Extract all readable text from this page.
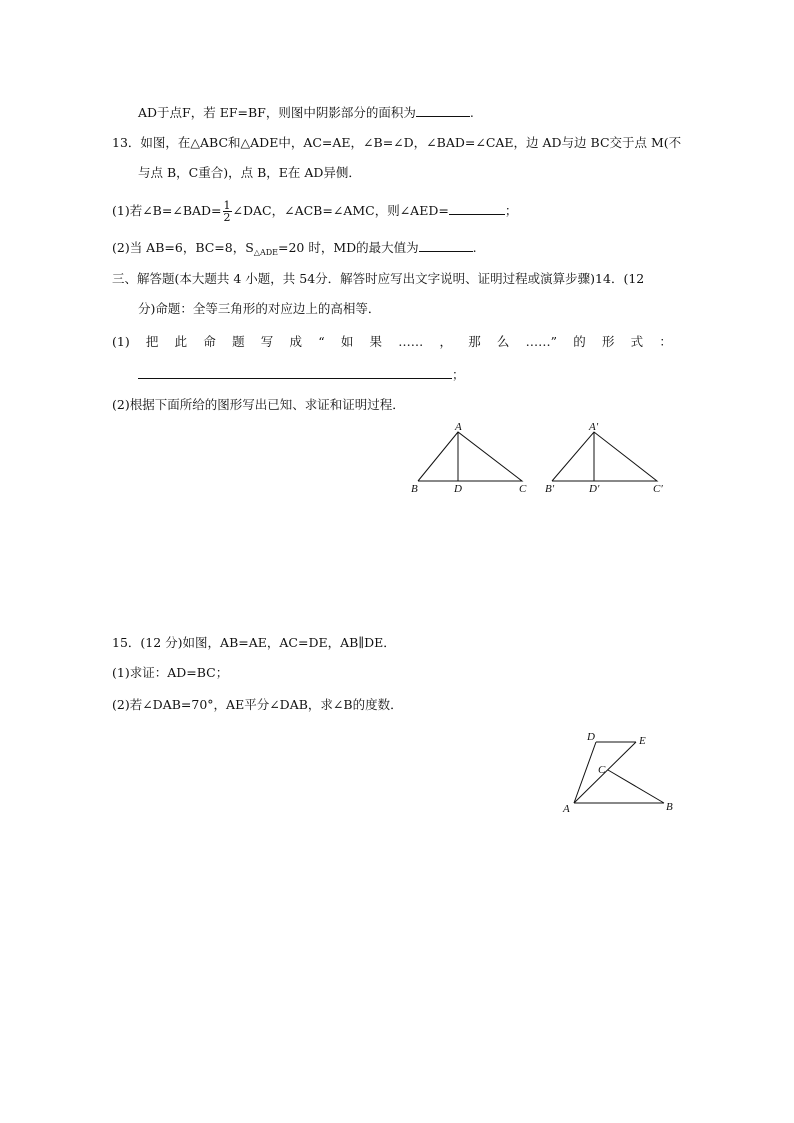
AD于点F，若 EF=BF，则图中阴影部分的面积为	.
13．如图，在△ABC和△ADE中，AC=AE，∠B=∠D，∠BAD=∠CAE，边 AD与边 BC交于点 M(不
与点 B，C重合)，点 B，E在 AD异侧．
(1)若∠B=∠BAD= $\frac{1}{2}$ ∠DAC，∠ACB=∠AMC，则∠AED=	；
(2)当 AB=6，BC=8，$S_{\triangle ADE}=20$ 时，MD的最大值为	.
三、解答题(本大题共 4 小题，共 54分．解答时应写出文字说明、证明过程或演算步骤)14．(12
分)命题：全等三角形的对应边上的高相等．
(1) 把 此 命 题 写 成 “ 如 果 …… ， 那 么 ……” 的 形 式 ：
；
(2)根据下面所给的图形写出已知、求证和证明过程．
A
B	D	C
A′
B′	D′	C′
15．(12 分)如图，AB=AE，AC=DE，AB∥DE．
(1)求证：AD=BC；
(2)若∠DAB=70°，AE平分∠DAB，求∠B的度数．
D	E
C
A	B
